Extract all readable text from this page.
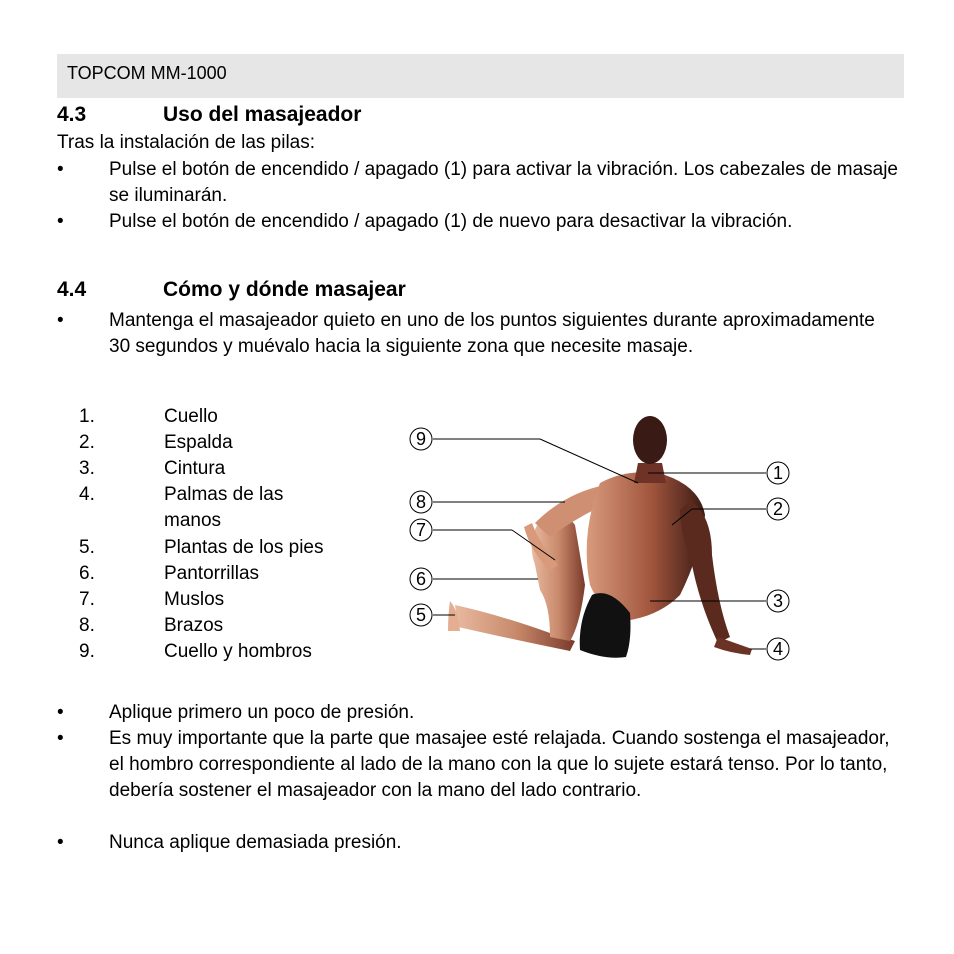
TOPCOM MM-1000
4.3	Uso del masajeador
Tras la instalación de las pilas:
• Pulse el botón de encendido / apagado (1) para activar la vibración. Los cabezales de masaje se iluminarán.
• Pulse el botón de encendido / apagado (1) de nuevo para desactivar la vibración.
4.4	Cómo y dónde masajear
• Mantenga el masajeador quieto en uno de los puntos siguientes durante aproximadamente 30 segundos y muévalo hacia la siguiente zona que necesite masaje.
1.	Cuello
2.	Espalda
3.	Cintura
4.	Palmas de las manos
5.	Plantas de los pies
6.	Pantorrillas
7.	Muslos
8.	Brazos
9.	Cuello y hombros
9
1
8	2
7
6
3
5
4
• Aplique primero un poco de presión.
• Es muy importante que la parte que masajee esté relajada. Cuando sostenga el masajeador, el hombro correspondiente al lado de la mano con la que lo sujete estará tenso. Por lo tanto, debería sostener el masajeador con la mano del lado contrario.
• Nunca aplique demasiada presión.
